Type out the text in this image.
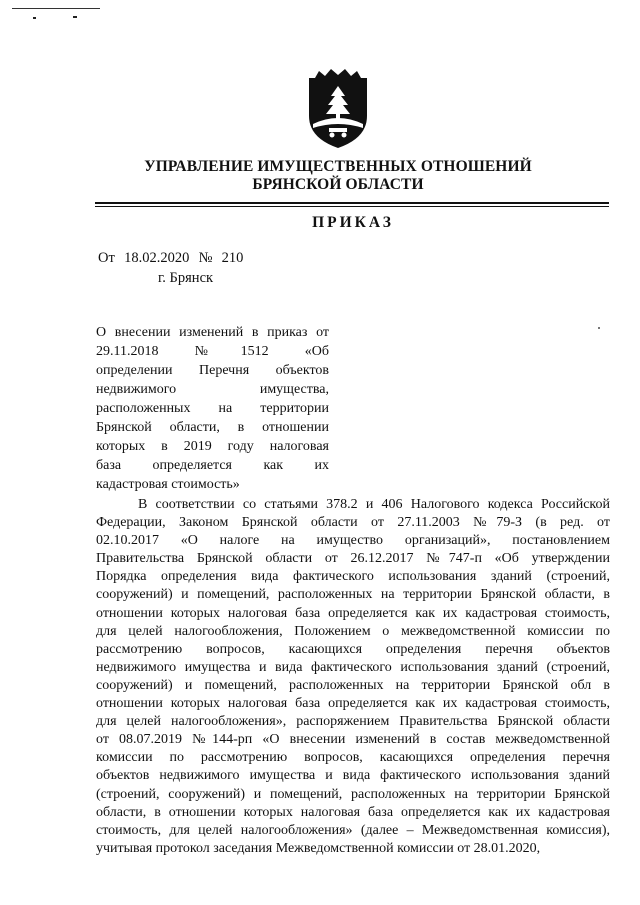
УПРАВЛЕНИЕ ИМУЩЕСТВЕННЫХ ОТНОШЕНИЙ
БРЯНСКОЙ ОБЛАСТИ
ПРИКАЗ
От 18.02.2020 № 210
г. Брянск
О внесении изменений в приказ от
29.11.2018 №1512 «Об
определении Перечня объектов
недвижимого имущества,
расположенных на территории
Брянской области, в отношении
которых в 2019 году налоговая
база определяется как их
кадастровая стоимость»
В соответствии со статьями 378.2 и 406 Налогового кодекса Российской
Федерации, Законом Брянской области от 27.11.2003 №79-З (в ред. от
02.10.2017 «О налоге на имущество организаций», постановлением
Правительства Брянской области от 26.12.2017 №747-п «Об утверждении
Порядка определения вида фактического использования зданий (строений,
сооружений) и помещений, расположенных на территории Брянской области, в
отношении которых налоговая база определяется как их кадастровая стоимость,
для целей налогообложения, Положением о межведомственной комиссии по
рассмотрению вопросов, касающихся определения перечня объектов
недвижимого имущества и вида фактического использования зданий (строений,
сооружений) и помещений, расположенных на территории Брянской обл в
отношении которых налоговая база определяется как их кадастровая стоимость,
для целей налогообложения», распоряжением Правительства Брянской области
от 08.07.2019 №144-рп «О внесении изменений в состав межведомственной
комиссии по рассмотрению вопросов, касающихся определения перечня
объектов недвижимого имущества и вида фактического использования зданий
(строений, сооружений) и помещений, расположенных на территории Брянской
области, в отношении которых налоговая база определяется как их кадастровая
стоимость, для целей налогообложения» (далее – Межведомственная комиссия),
учитывая протокол заседания Межведомственной комиссии от 28.01.2020,
